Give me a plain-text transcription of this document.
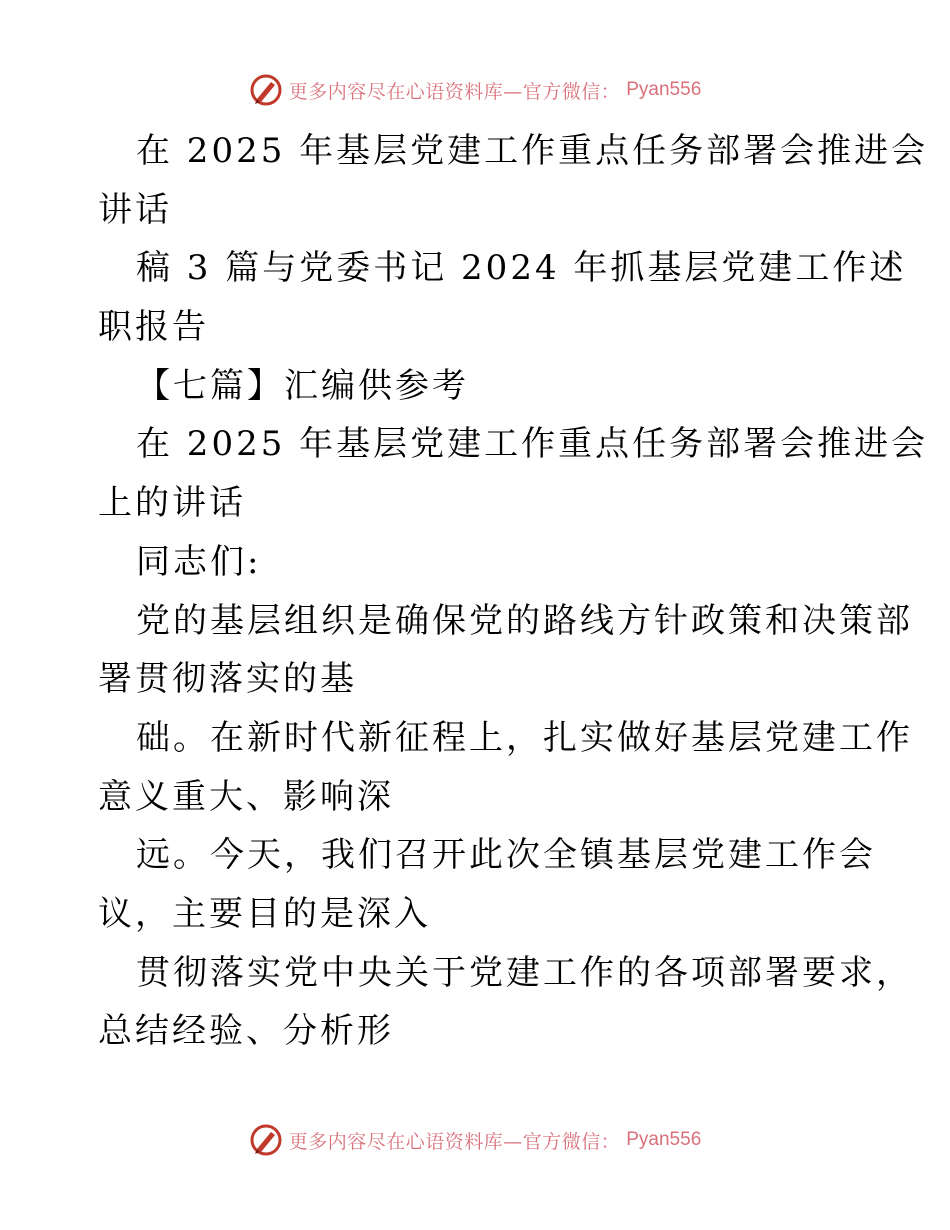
更多内容尽在心语资料库—官方微信： Pyan556
在 2025 年基层党建工作重点任务部署会推进会
讲话
稿 3 篇与党委书记 2024 年抓基层党建工作述
职报告
【七篇】汇编供参考
在 2025 年基层党建工作重点任务部署会推进会
上的讲话
同志们:
党的基层组织是确保党的路线方针政策和决策部
署贯彻落实的基
础。在新时代新征程上，扎实做好基层党建工作
意义重大、影响深
远。今天，我们召开此次全镇基层党建工作会
议，主要目的是深入
贯彻落实党中央关于党建工作的各项部署要求，
总结经验、分析形
更多内容尽在心语资料库—官方微信： Pyan556
